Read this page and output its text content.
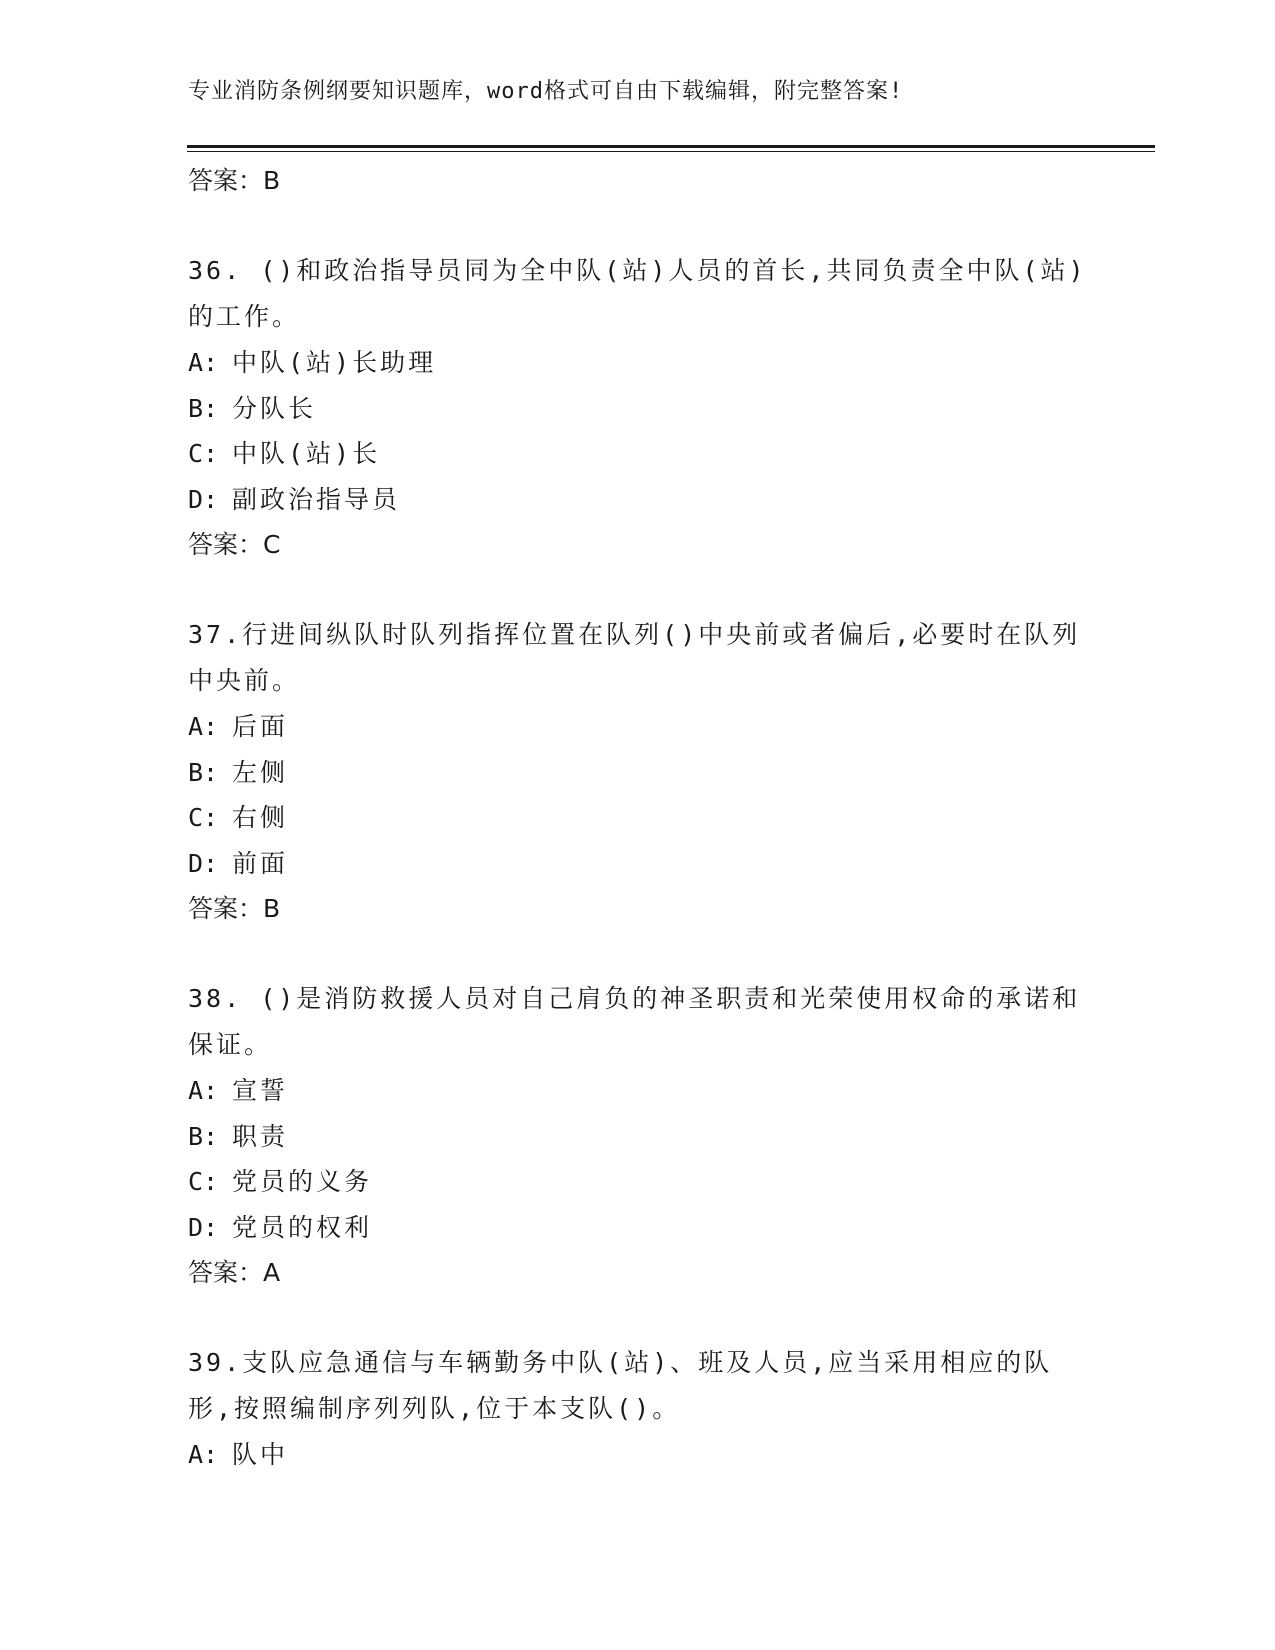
专业消防条例纲要知识题库，word格式可自由下载编辑，附完整答案!
答案：B
36. ()和政治指导员同为全中队(站)人员的首长,共同负责全中队(站)的工作。
A: 中队(站)长助理
B: 分队长
C: 中队(站)长
D: 副政治指导员
答案：C
37.行进间纵队时队列指挥位置在队列()中央前或者偏后,必要时在队列中央前。
A: 后面
B: 左侧
C: 右侧
D: 前面
答案：B
38. ()是消防救援人员对自己肩负的神圣职责和光荣使用权命的承诺和保证。
A: 宣誓
B: 职责
C: 党员的义务
D: 党员的权利
答案：A
39.支队应急通信与车辆勤务中队(站)、班及人员,应当采用相应的队形,按照编制序列列队,位于本支队()。
A: 队中
